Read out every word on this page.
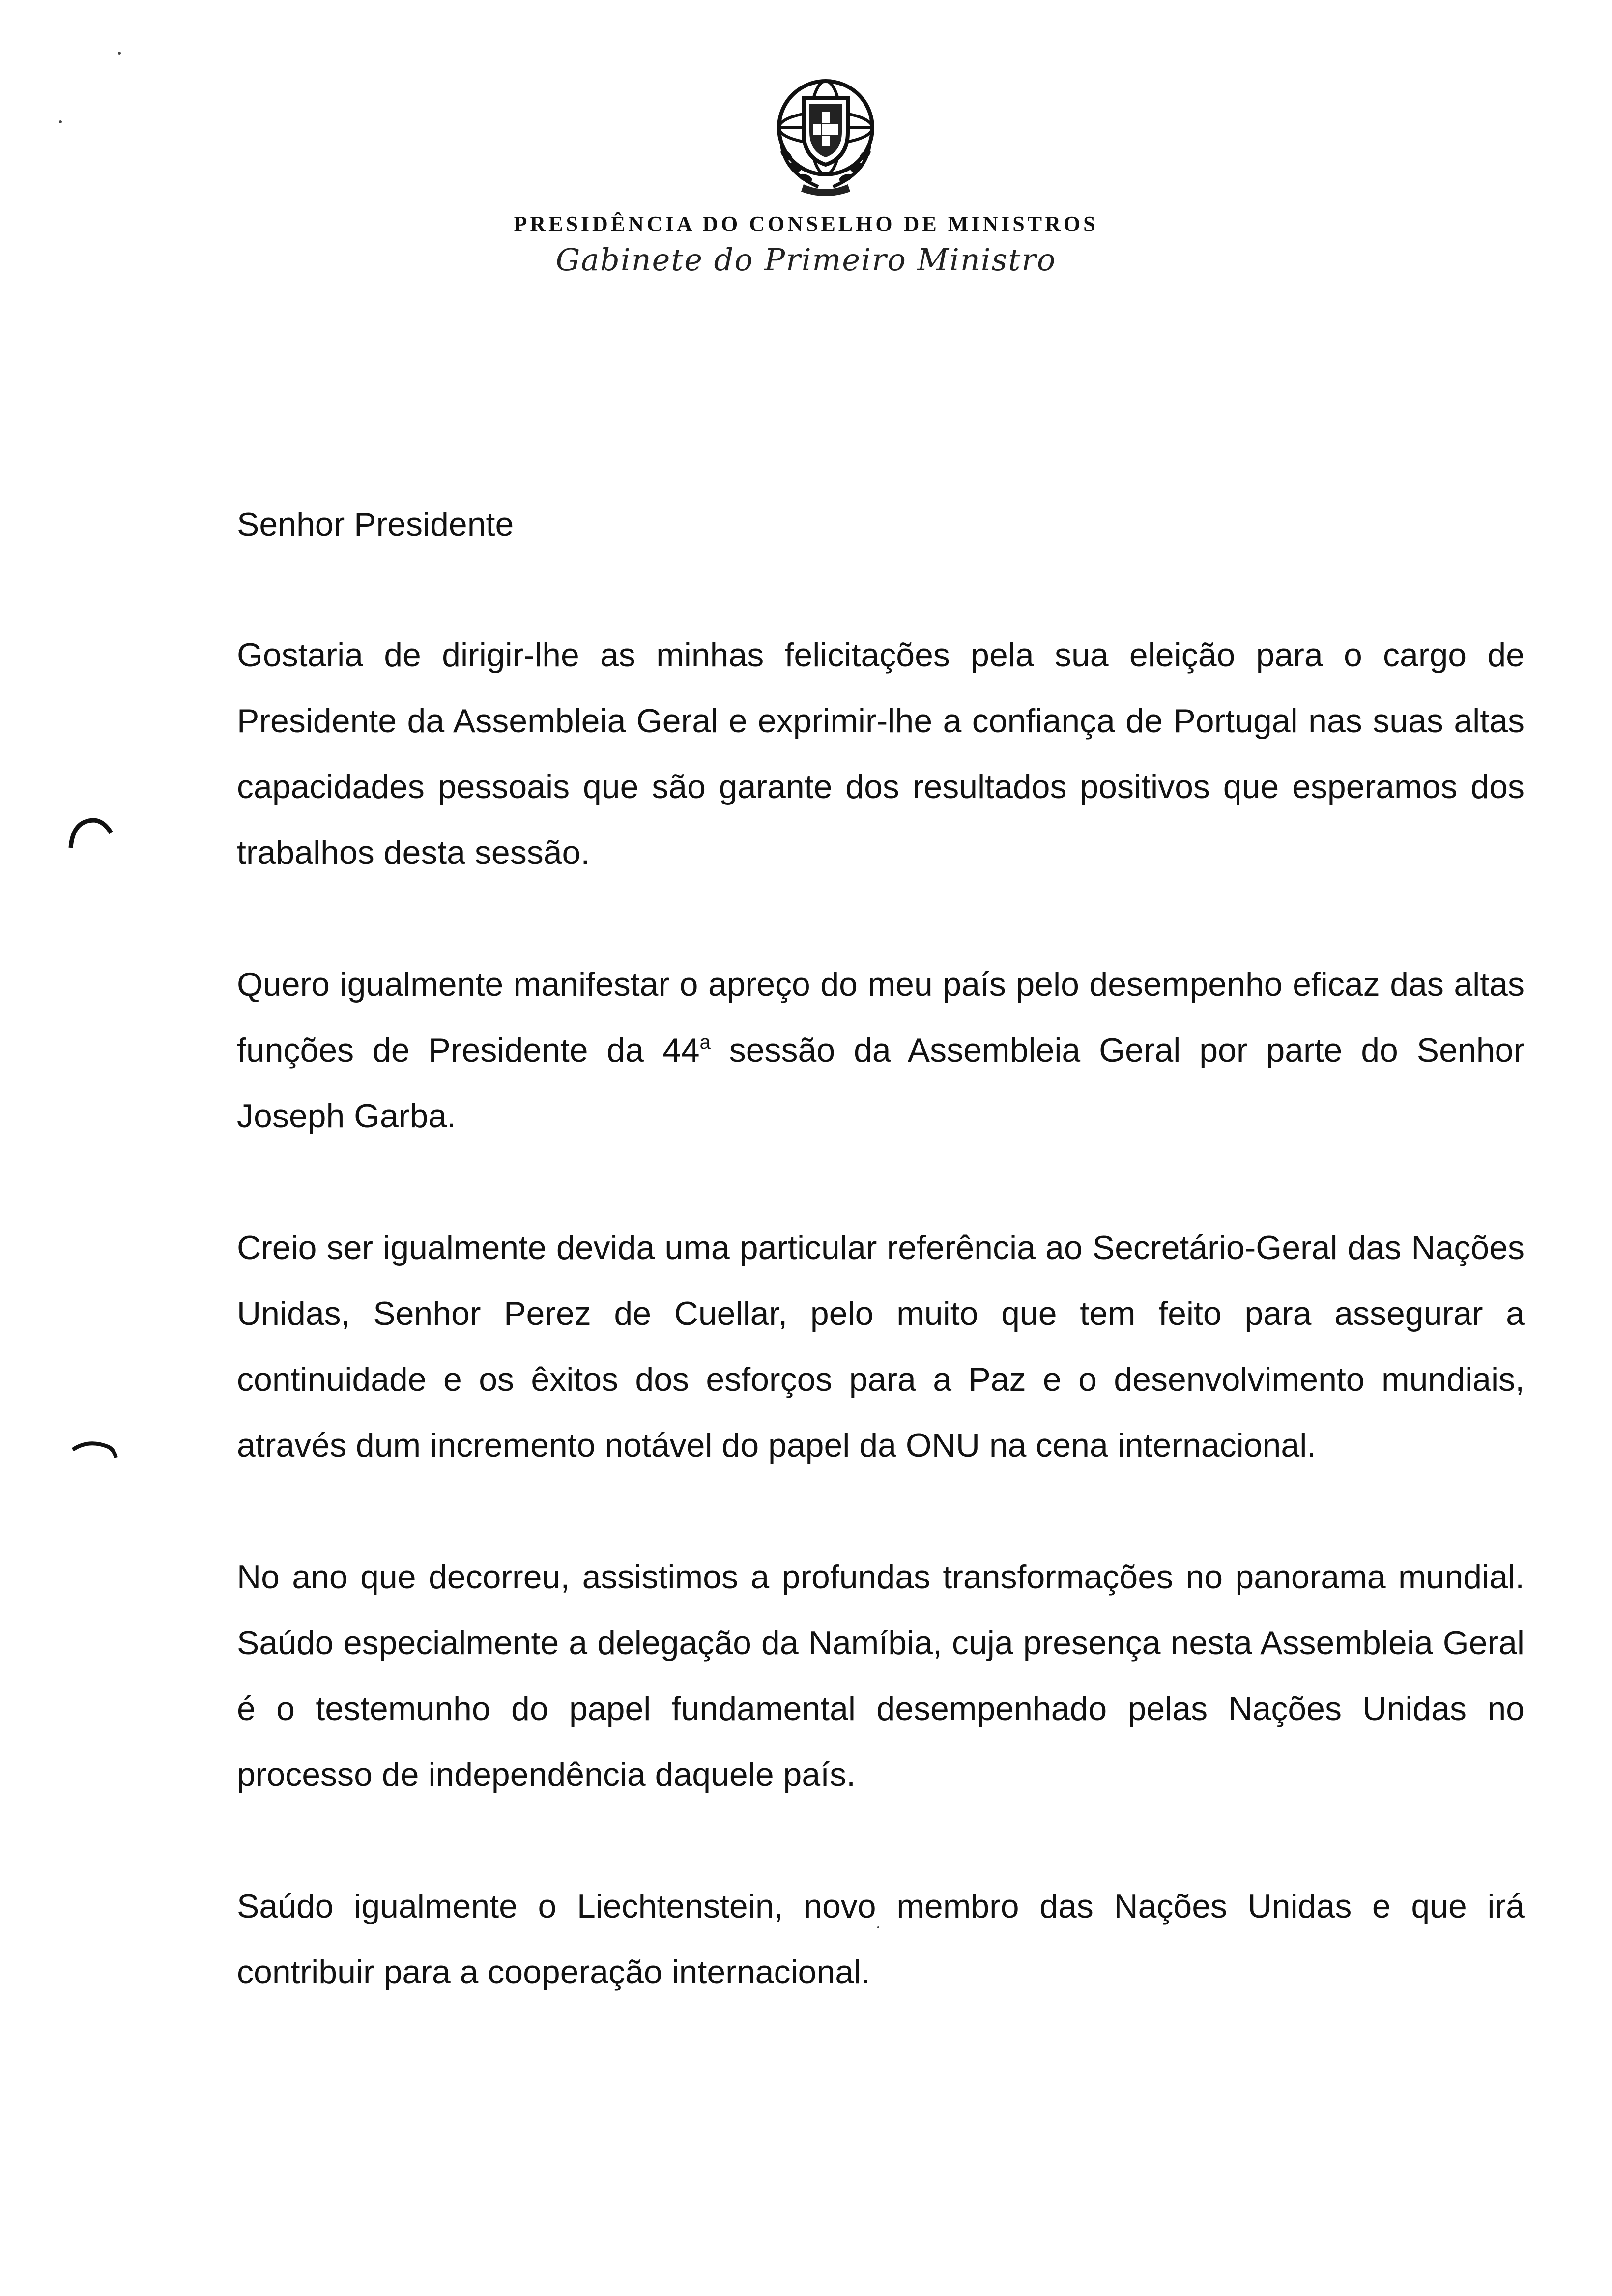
PRESIDÊNCIA DO CONSELHO DE MINISTROS
Gabinete do Primeiro Ministro

Senhor Presidente

Gostaria de dirigir-lhe as minhas felicitações pela sua eleição para o cargo de Presidente da Assembleia Geral e exprimir-lhe a confiança de Portugal nas suas altas capacidades pessoais que são garante dos resultados positivos que esperamos dos trabalhos desta sessão.

Quero igualmente manifestar o apreço do meu país pelo desempenho eficaz das altas funções de Presidente da 44$^a$ sessão da Assembleia Geral por parte do Senhor Joseph Garba.

Creio ser igualmente devida uma particular referência ao Secretário-Geral das Nações Unidas, Senhor Perez de Cuellar, pelo muito que tem feito para assegurar a continuidade e os êxitos dos esforços para a Paz e o desenvolvimento mundiais, através dum incremento notável do papel da ONU na cena internacional.

No ano que decorreu, assistimos a profundas transformações no panorama mundial. Saúdo especialmente a delegação da Namíbia, cuja presença nesta Assembleia Geral é o testemunho do papel fundamental desempenhado pelas Nações Unidas no processo de independência daquele país.

Saúdo igualmente o Liechtenstein, novo membro das Nações Unidas e que irá contribuir para a cooperação internacional.
